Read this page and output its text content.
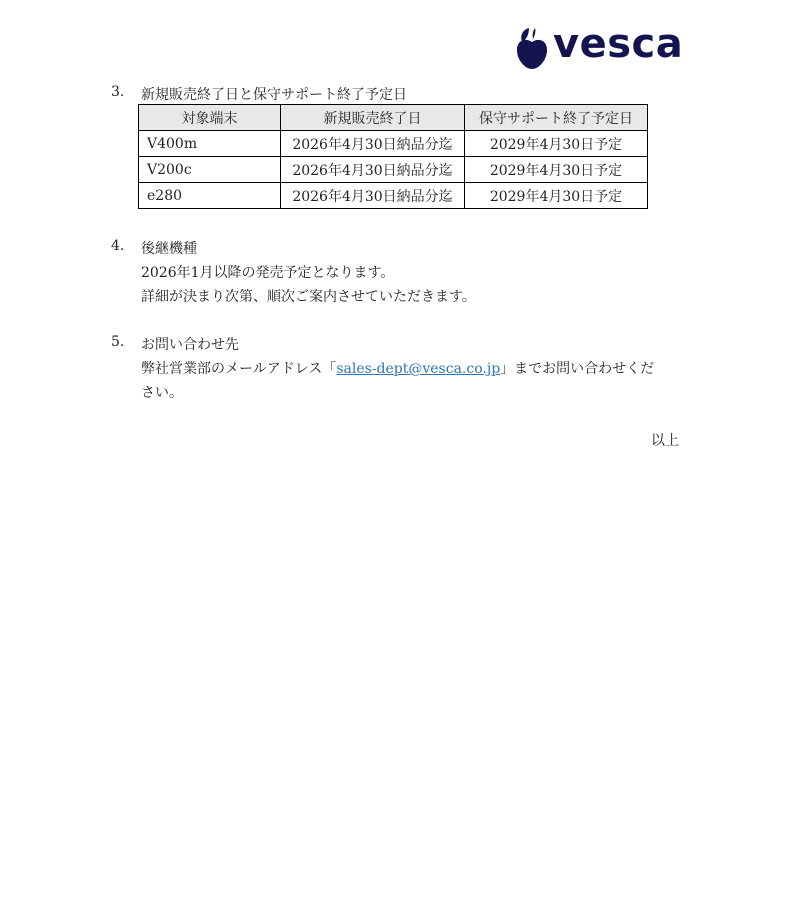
vesca
3. 新規販売終了日と保守サポート終了予定日
対象端末	新規販売終了日	保守サポート終了予定日
V400m	2026年4月30日納品分迄	2029年4月30日予定
V200c	2026年4月30日納品分迄	2029年4月30日予定
e280	2026年4月30日納品分迄	2029年4月30日予定
4. 後継機種
2026年1月以降の発売予定となります。
詳細が決まり次第、順次ご案内させていただきます。
5. お問い合わせ先
弊社営業部のメールアドレス「sales-dept@vesca.co.jp」までお問い合わせくだ
さい。
以上
